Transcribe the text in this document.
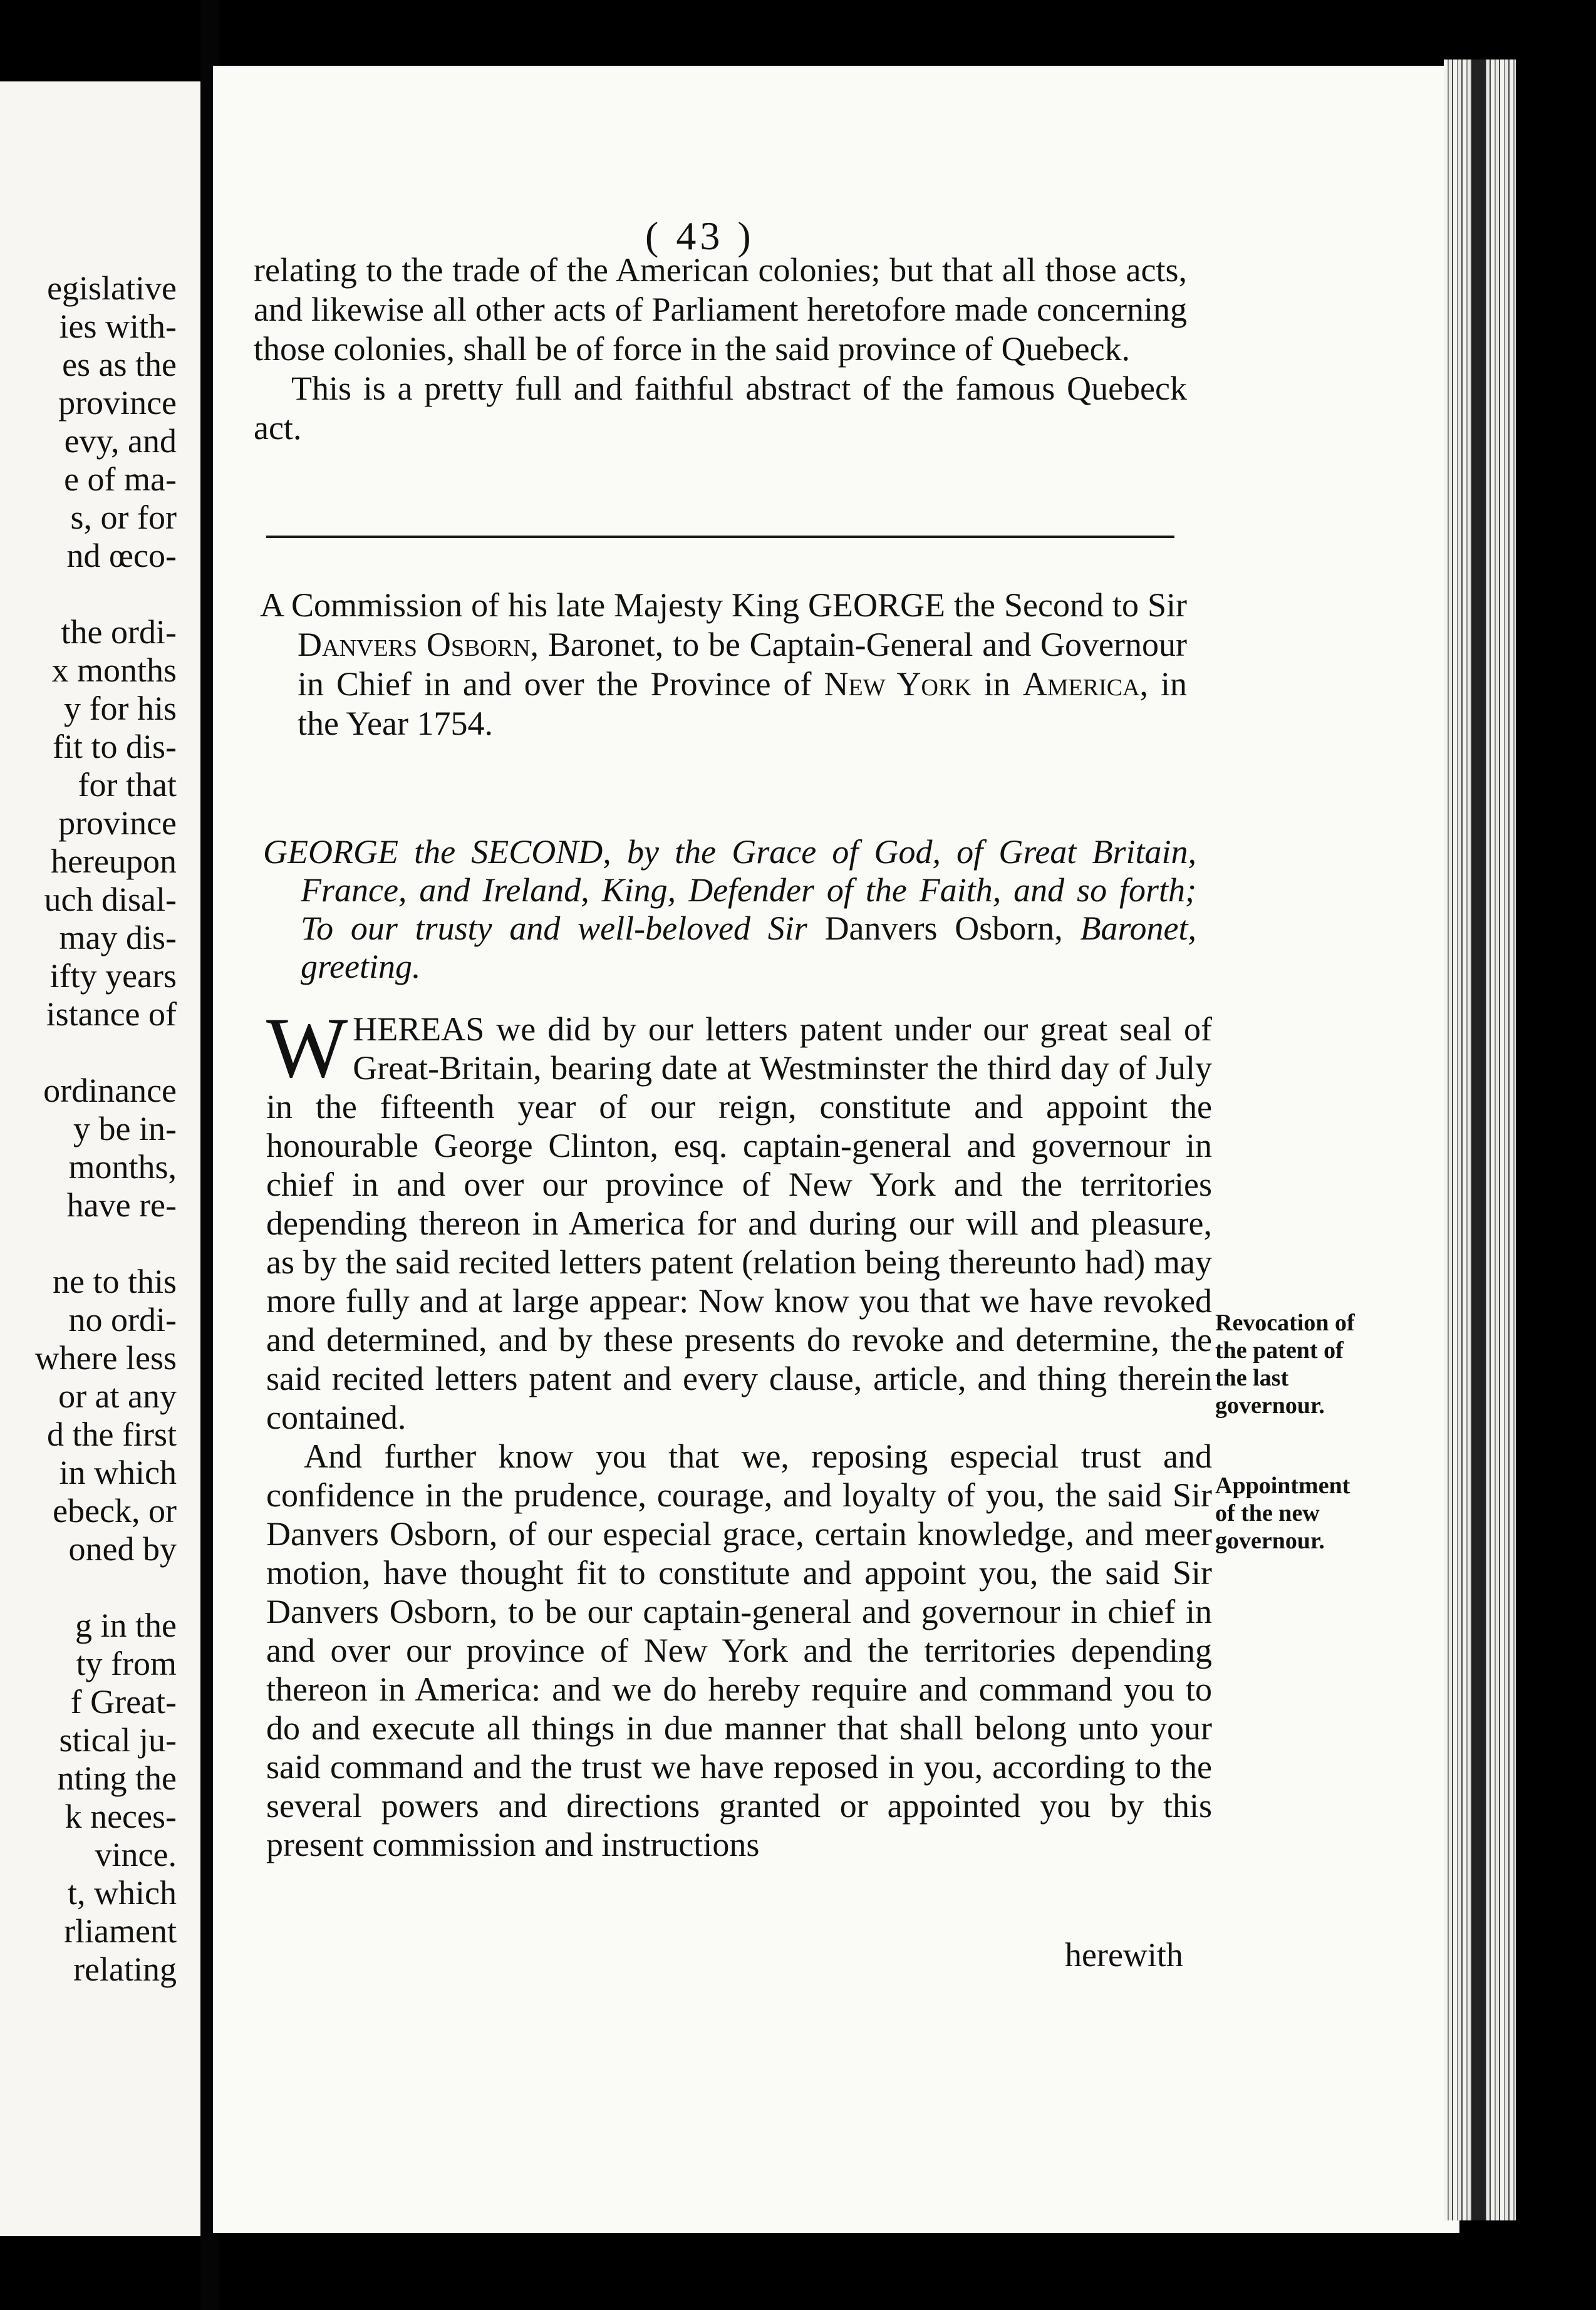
egislative
ies with-
es as the
province
evy, and
e of ma-
s, or for
nd œco-

the ordi-
x months
y for his
fit to dis-
for that
province
hereupon
uch disal-
may dis-
ifty years
istance of

ordinance
y be in-
months,
have re-

ne to this
no ordi-
where less
or at any
d the first
in which
ebeck, or
oned by

g in the
ty from
f Great-
stical ju-
nting the
k neces-
vince.
t, which
rliament
relating
( 43 )

relating to the trade of the American colonies; but that all those acts, and likewise all other acts of Parliament heretofore made concerning those colonies, shall be of force in the said province of Quebeck.

This is a pretty full and faithful abstract of the famous Quebeck act.

A Commission of his late Majesty King GEORGE the Second to Sir Danvers Osborn, Baronet, to be Captain-General and Governour in Chief in and over the Province of New York in America, in the Year 1754.

GEORGE the SECOND, by the Grace of God, of Great Britain, France, and Ireland, King, Defender of the Faith, and so forth; To our trusty and well-beloved Sir Danvers Osborn, Baronet, greeting.

WHEREAS we did by our letters patent under our great seal of Great-Britain, bearing date at Westminster the third day of July in the fifteenth year of our reign, constitute and appoint the honourable George Clinton, esq. captain-general and governour in chief in and over our province of New York and the territories depending thereon in America for and during our will and pleasure, as by the said recited letters patent (relation being thereunto had) may more fully and at large appear: Now know you that we have revoked and determined, and by these presents do revoke and determine, the said recited letters patent and every clause, article, and thing therein contained.

And further know you that we, reposing especial trust and confidence in the prudence, courage, and loyalty of you, the said Sir Danvers Osborn, of our especial grace, certain knowledge, and meer motion, have thought fit to constitute and appoint you, the said Sir Danvers Osborn, to be our captain-general and governour in chief in and over our province of New York and the territories depending thereon in America: and we do hereby require and command you to do and execute all things in due manner that shall belong unto your said command and the trust we have reposed in you, according to the several powers and directions granted or appointed you by this present commission and instructions

herewith
Revocation of the patent of the last governour.
Appointment of the new governour.
